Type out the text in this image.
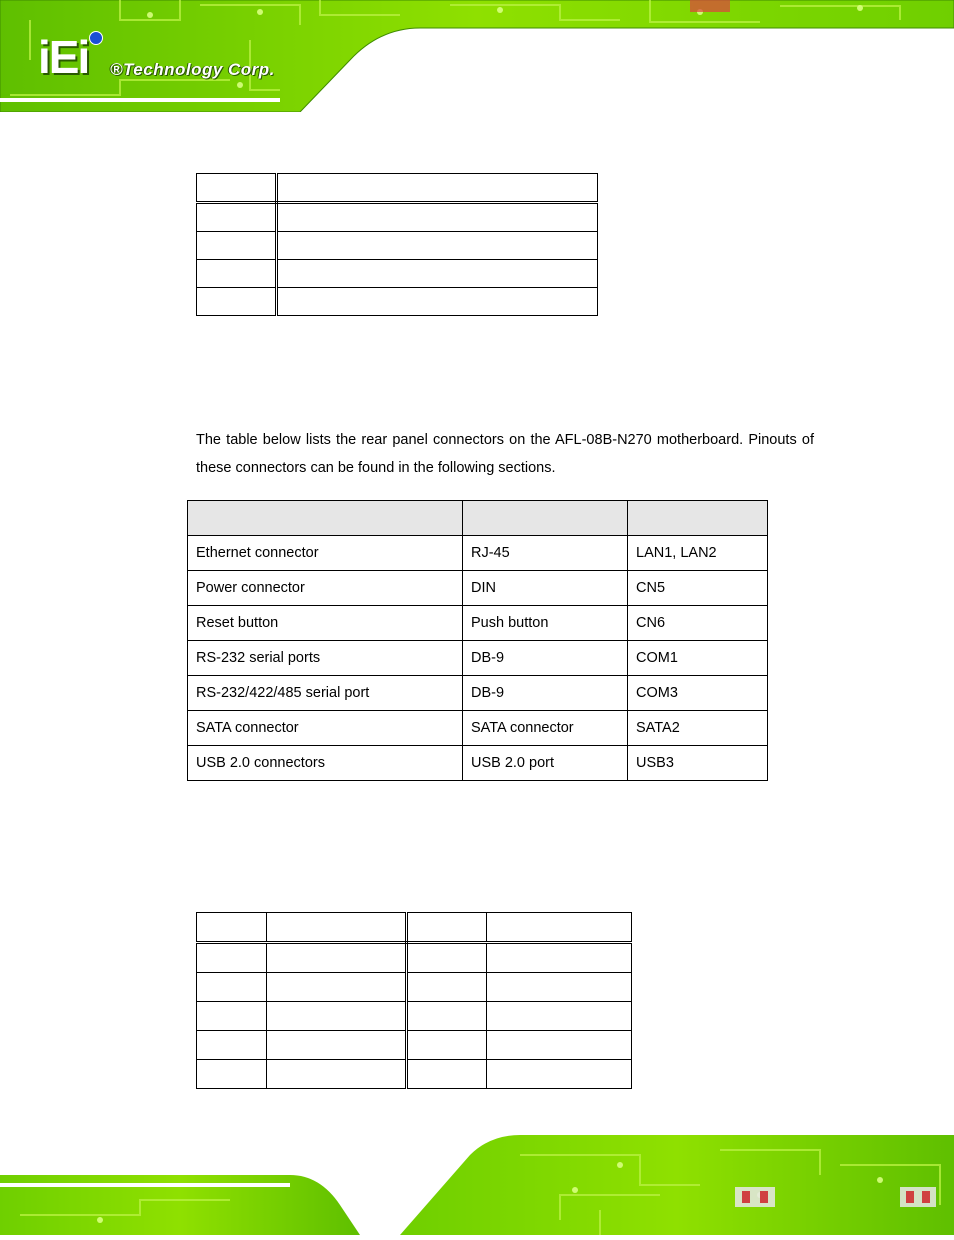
iEi ®Technology Corp.

The table below lists the rear panel connectors on the AFL-08B-N270 motherboard. Pinouts of these connectors can be found in the following sections.

Ethernet connector	RJ-45	LAN1, LAN2
Power connector	DIN	CN5
Reset button	Push button	CN6
RS-232 serial ports	DB-9	COM1
RS-232/422/485 serial port	DB-9	COM3
SATA connector	SATA connector	SATA2
USB 2.0 connectors	USB 2.0 port	USB3
